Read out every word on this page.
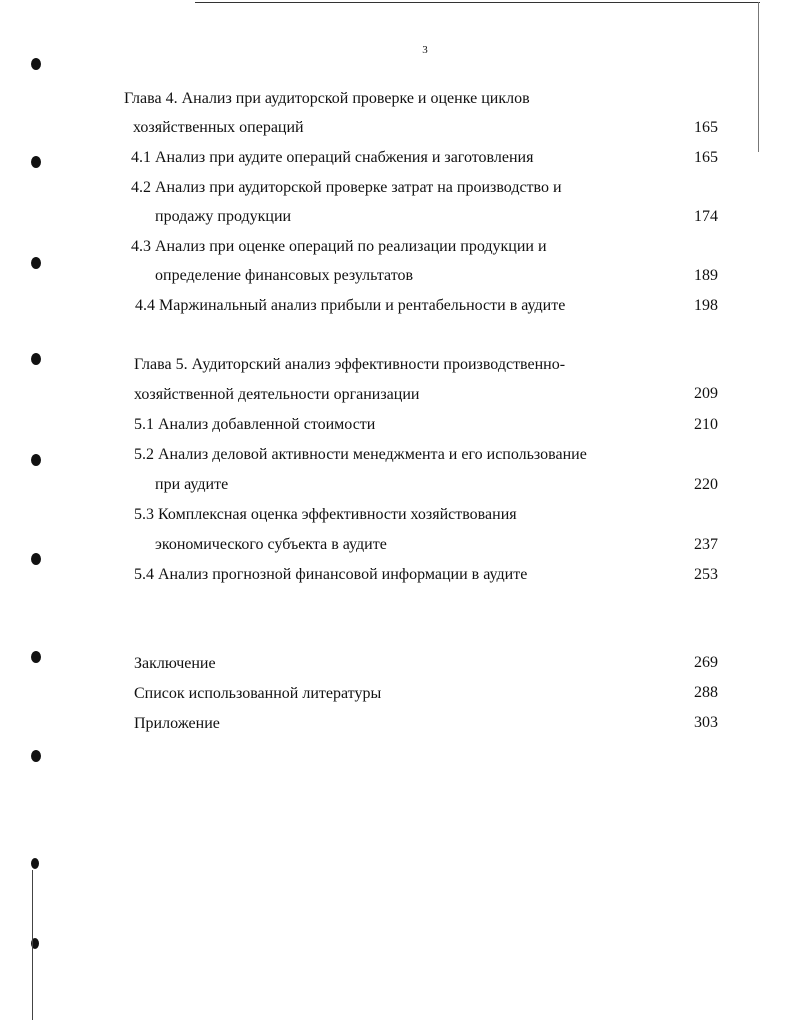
3
Глава 4. Анализ при аудиторской проверке и оценке циклов
хозяйственных операций	165
4.1 Анализ при аудите операций снабжения и заготовления	165
4.2 Анализ при аудиторской проверке затрат на производство и
продажу продукции	174
4.3 Анализ при оценке операций по реализации продукции и
определение финансовых результатов	189
4.4 Маржинальный анализ прибыли и рентабельности в аудите	198
Глава 5. Аудиторский анализ эффективности производственно-
хозяйственной деятельности организации	209
5.1 Анализ добавленной стоимости	210
5.2 Анализ деловой активности менеджмента и его использование
при аудите	220
5.3 Комплексная оценка эффективности хозяйствования
экономического субъекта в аудите	237
5.4 Анализ прогнозной финансовой информации в аудите	253
Заключение	269
Список использованной литературы	288
Приложение	303
